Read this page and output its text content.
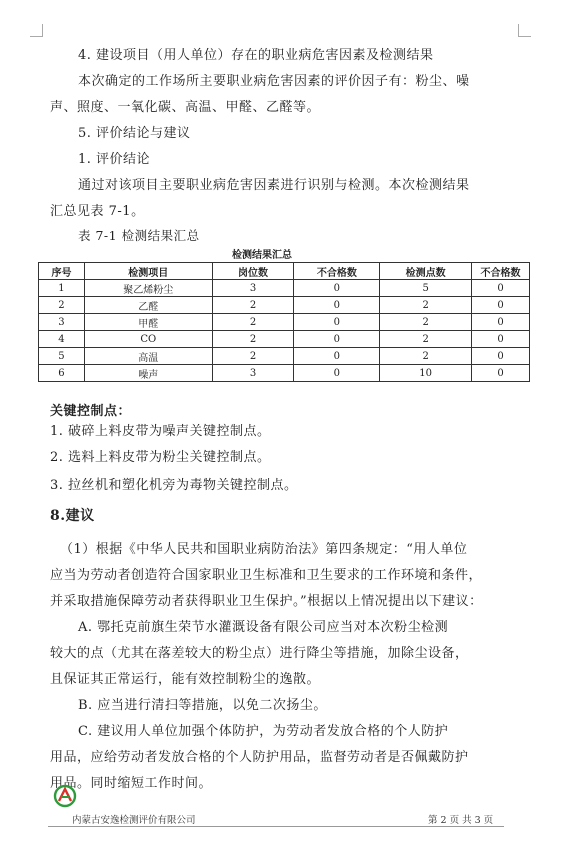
4. 建设项目（用人单位）存在的职业病危害因素及检测结果
本次确定的工作场所主要职业病危害因素的评价因子有：粉尘、噪
声、照度、一氧化碳、高温、甲醛、乙醛等。
5. 评价结论与建议
1. 评价结论
通过对该项目主要职业病危害因素进行识别与检测。本次检测结果
汇总见表 7-1。
表 7-1 检测结果汇总
检测结果汇总
序号	检测项目	岗位数	不合格数	检测点数	不合格数
1	聚乙烯粉尘	3	0	5	0
2	乙醛	2	0	2	0
3	甲醛	2	0	2	0
4	CO	2	0	2	0
5	高温	2	0	2	0
6	噪声	3	0	10	0
关键控制点：
1. 破碎上料皮带为噪声关键控制点。
2. 选料上料皮带为粉尘关键控制点。
3. 拉丝机和塑化机旁为毒物关键控制点。
8.建议
（1）根据《中华人民共和国职业病防治法》第四条规定：“用人单位
应当为劳动者创造符合国家职业卫生标准和卫生要求的工作环境和条件，
并采取措施保障劳动者获得职业卫生保护。”根据以上情况提出以下建议：
A. 鄂托克前旗生荣节水灌溉设备有限公司应当对本次粉尘检测
较大的点（尤其在落差较大的粉尘点）进行降尘等措施，加除尘设备，
且保证其正常运行，能有效控制粉尘的逸散。
B. 应当进行清扫等措施，以免二次扬尘。
C. 建议用人单位加强个体防护，为劳动者发放合格的个人防护
用品，应给劳动者发放合格的个人防护用品，监督劳动者是否佩戴防护
用品。同时缩短工作时间。
内蒙古安逸检测评价有限公司	第 2 页 共 3 页
